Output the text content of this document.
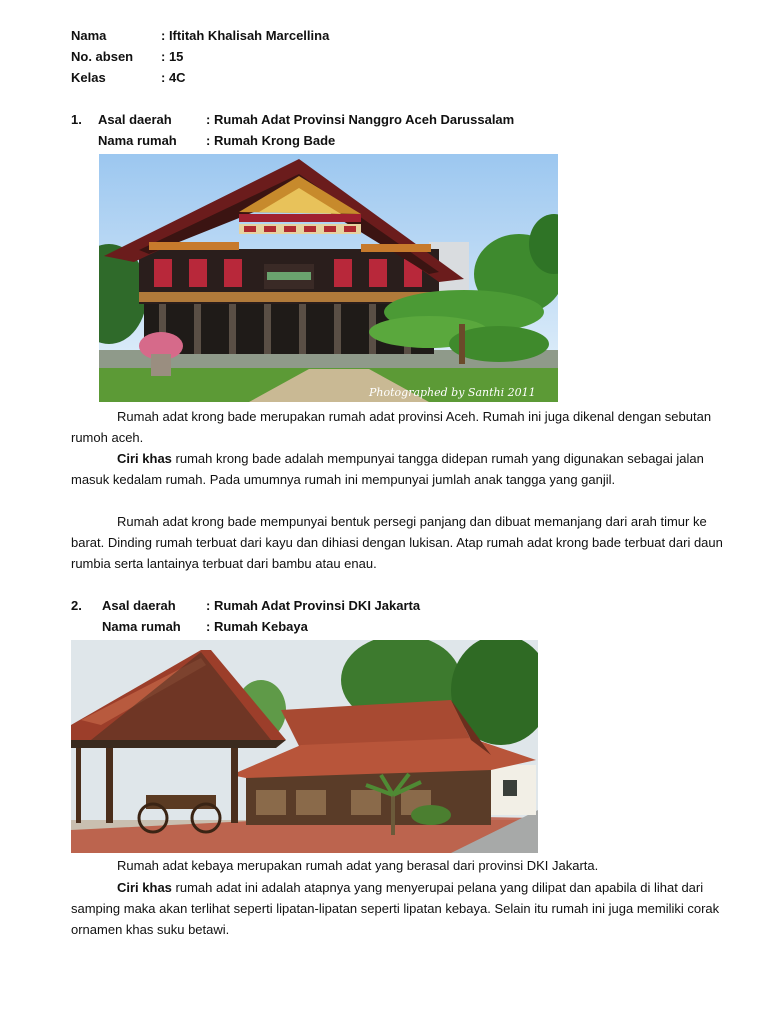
Nama	: Iftitah Khalisah Marcellina
No. absen : 15
Kelas	: 4C
1. Asal daerah	: Rumah Adat Provinsi Nanggro Aceh Darussalam
Nama rumah : Rumah Krong Bade
Photographed by Santhi 2011
Rumah adat krong bade merupakan rumah adat provinsi Aceh. Rumah ini juga dikenal dengan sebutan rumoh aceh.
Ciri khas rumah krong bade adalah mempunyai tangga didepan rumah yang digunakan sebagai jalan masuk kedalam rumah. Pada umumnya rumah ini mempunyai jumlah anak tangga yang ganjil.
Rumah adat krong bade mempunyai bentuk persegi panjang dan dibuat memanjang dari arah timur ke barat. Dinding rumah terbuat dari kayu dan dihiasi dengan lukisan. Atap rumah adat krong bade terbuat dari daun rumbia serta lantainya terbuat dari bambu atau enau.
2. Asal daerah : Rumah Adat Provinsi DKI Jakarta
Nama rumah : Rumah Kebaya
Rumah adat kebaya merupakan rumah adat yang berasal dari provinsi DKI Jakarta.
Ciri khas rumah adat ini adalah atapnya yang menyerupai pelana yang dilipat dan apabila di lihat dari samping maka akan terlihat seperti lipatan-lipatan seperti lipatan kebaya. Selain itu rumah ini juga memiliki corak ornamen khas suku betawi.
